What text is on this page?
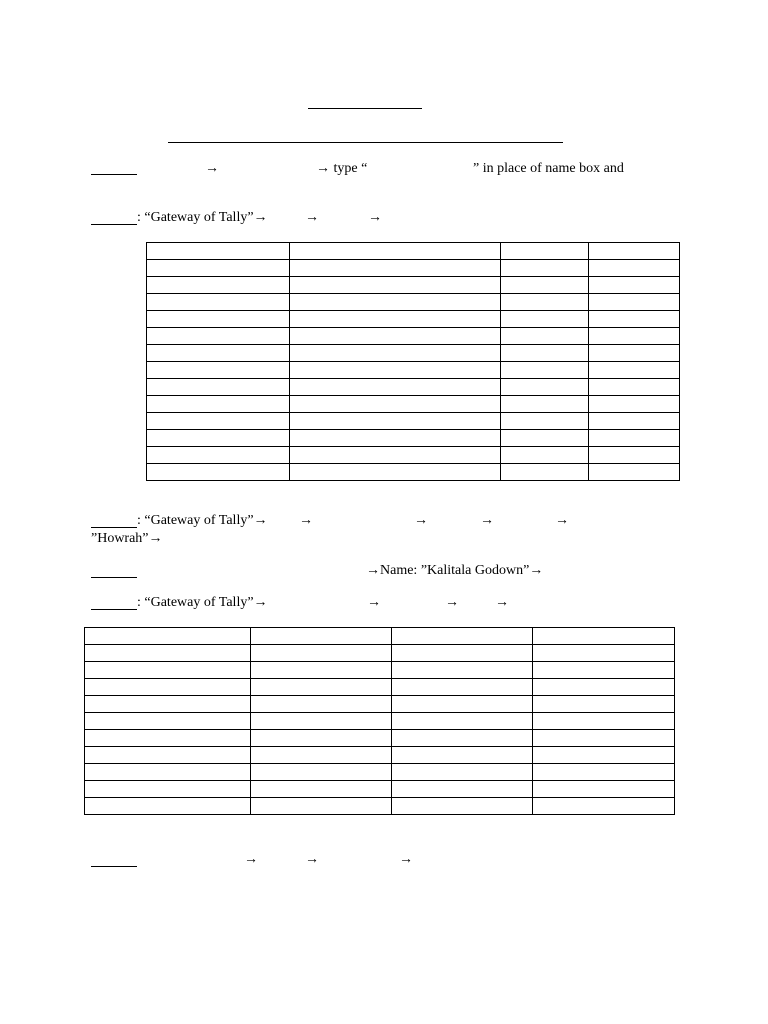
→	→ type “	” in place of name box and
: “Gateway of Tally”→	→	→

: “Gateway of Tally”→ →	→	→	→
”Howrah”→
→Name: ”Kalitala Godown”→
: “Gateway of Tally”→	→	→	→

→	→	→
